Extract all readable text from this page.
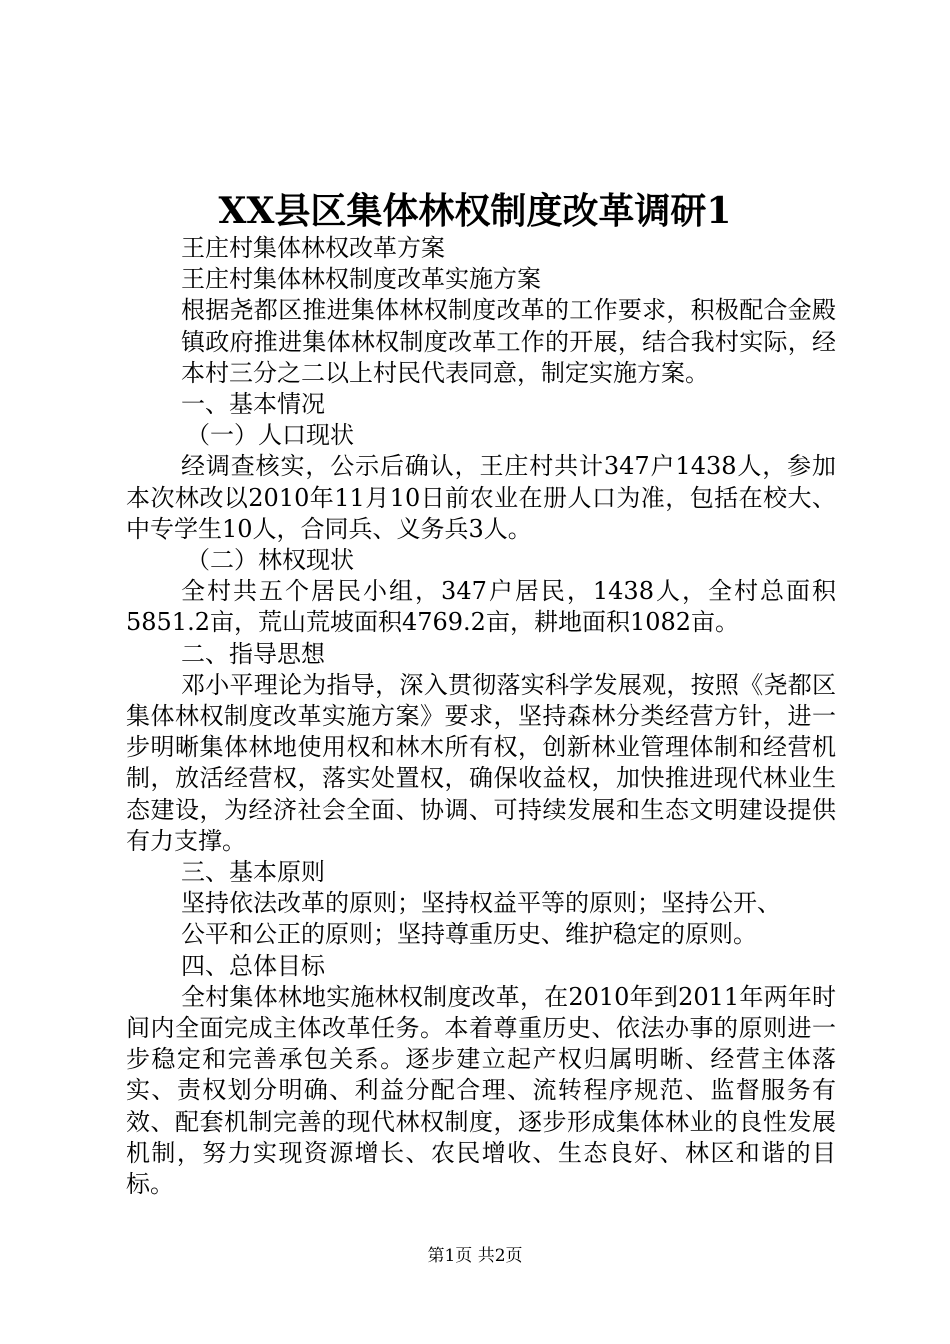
XX县区集体林权制度改革调研1

王庄村集体林权改革方案

王庄村集体林权制度改革实施方案

根据尧都区推进集体林权制度改革的工作要求，积极配合金殿镇政府推进集体林权制度改革工作的开展，结合我村实际，经本村三分之二以上村民代表同意，制定实施方案。

一、基本情况

（一）人口现状

经调查核实，公示后确认，王庄村共计347户1438人，参加本次林改以2010年11月10日前农业在册人口为准，包括在校大、中专学生10人，合同兵、义务兵3人。

（二）林权现状

全村共五个居民小组，347户居民，1438人，全村总面积5851.2亩，荒山荒坡面积4769.2亩，耕地面积1082亩。

二、指导思想

邓小平理论为指导，深入贯彻落实科学发展观，按照《尧都区集体林权制度改革实施方案》要求，坚持森林分类经营方针，进一步明晰集体林地使用权和林木所有权，创新林业管理体制和经营机制，放活经营权，落实处置权，确保收益权，加快推进现代林业生态建设，为经济社会全面、协调、可持续发展和生态文明建设提供有力支撑。

三、基本原则

坚持依法改革的原则；坚持权益平等的原则；坚持公开、

公平和公正的原则；坚持尊重历史、维护稳定的原则。

四、总体目标

全村集体林地实施林权制度改革，在2010年到2011年两年时间内全面完成主体改革任务。本着尊重历史、依法办事的原则进一步稳定和完善承包关系。逐步建立起产权归属明晰、经营主体落实、责权划分明确、利益分配合理、流转程序规范、监督服务有效、配套机制完善的现代林权制度，逐步形成集体林业的良性发展机制，努力实现资源增长、农民增收、生态良好、林区和谐的目标。

第1页 共2页
